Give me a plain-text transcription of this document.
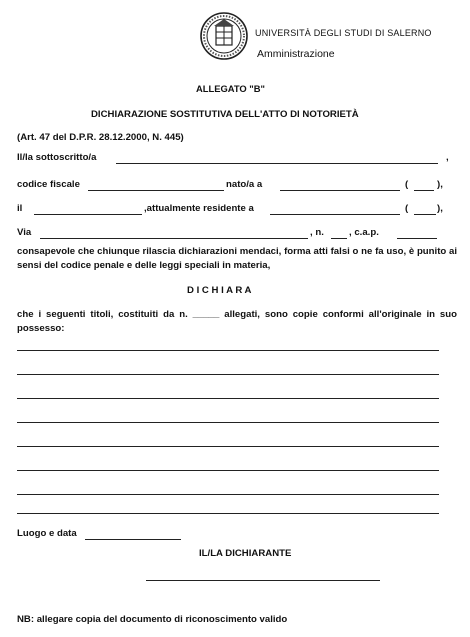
UNIVERSITÀ DEGLI STUDI DI SALERNO
Amministrazione
ALLEGATO "B"
DICHIARAZIONE SOSTITUTIVA DELL'ATTO DI NOTORIETÀ
(Art. 47 del D.P.R. 28.12.2000, N. 445)
Il/la sottoscritto/a	,
codice fiscale	nato/a a	(	),
il	,attualmente residente a	(	),
Via	, n.	, c.a.p.
consapevole che chiunque rilascia dichiarazioni mendaci, forma atti falsi o ne fa uso, è punito ai sensi del codice penale e delle leggi speciali in materia,
D I C H I A R A
che i seguenti titoli, costituiti da n. _____ allegati, sono copie conformi all'originale in suo possesso:
Luogo e data
IL/LA DICHIARANTE
NB: allegare copia del documento di riconoscimento valido
